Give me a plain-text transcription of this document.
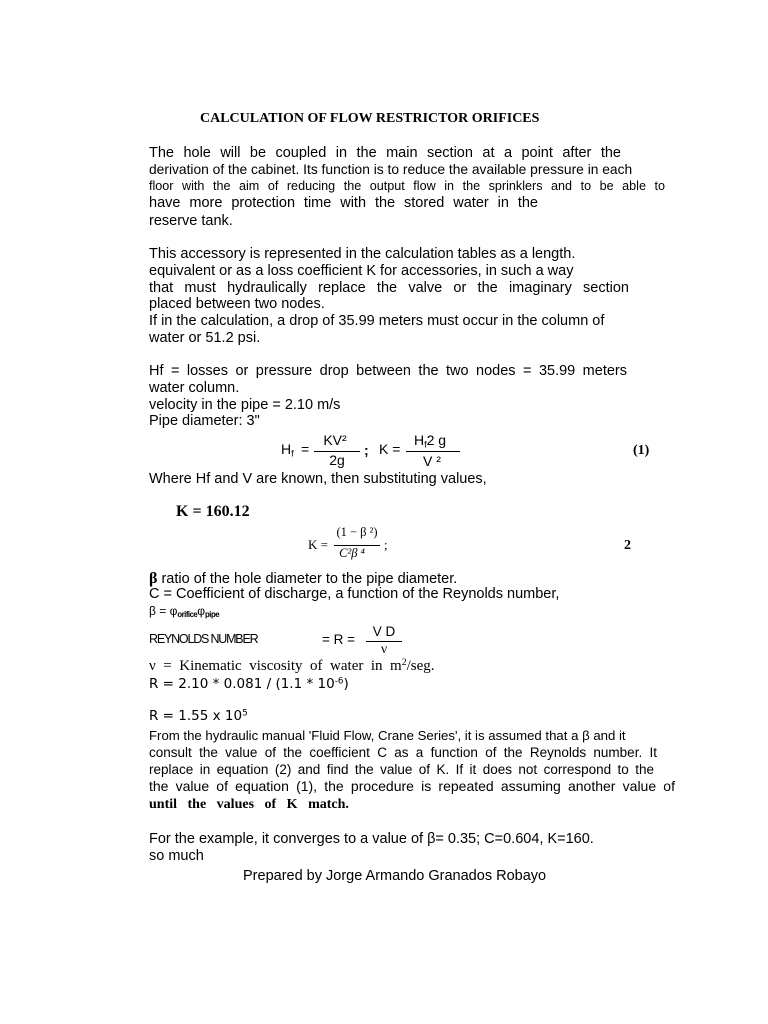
CALCULATION OF FLOW RESTRICTOR ORIFICES
The hole will be coupled in the main section at a point after the
derivation of the cabinet. Its function is to reduce the available pressure in each
floor with the aim of reducing the output flow in the sprinklers and to be able to
have more protection time with the stored water in the
reserve tank.
This accessory is represented in the calculation tables as a length.
equivalent or as a loss coefficient K for accessories, in such a way
that must hydraulically replace the valve or the imaginary section
placed between two nodes.
If in the calculation, a drop of 35.99 meters must occur in the column of
water or 51.2 psi.
Hf = losses or pressure drop between the two nodes = 35.99 meters
water column.
velocity in the pipe = 2.10 m/s
Pipe diameter: 3"
$H_f$ =
KV²
2g
; K =
$H_f2$ g
V ²
(1)
Where Hf and V are known, then substituting values,
K = 160.12
K =
(1 − β ²)
C²β ⁴
;	2
β ratio of the hole diameter to the pipe diameter.
C = Coefficient of discharge, a function of the Reynolds number,
$\beta = \varphi_{orifice}\varphi_{pipe}$
REYNOLDS NUMBER	= R =
V D
ν
ν  =  Kinematic  viscosity  of  water  in  $m^2$/seg.
$R = 2.10 * 0.081 / (1.1 * 10^{-6})$
R = 1.55 x $10^5$
From the hydraulic manual 'Fluid Flow, Crane Series', it is assumed that a β and it
consult the value of the coefficient C as a function of the Reynolds number. It
replace in equation (2) and find the value of K. If it does not correspond to the
the value of equation (1), the procedure is repeated assuming another value of
until   the   values   of   K   match.
For the example, it converges to a value of β= 0.35; C=0.604, K=160.
so much
Prepared by Jorge Armando Granados Robayo
